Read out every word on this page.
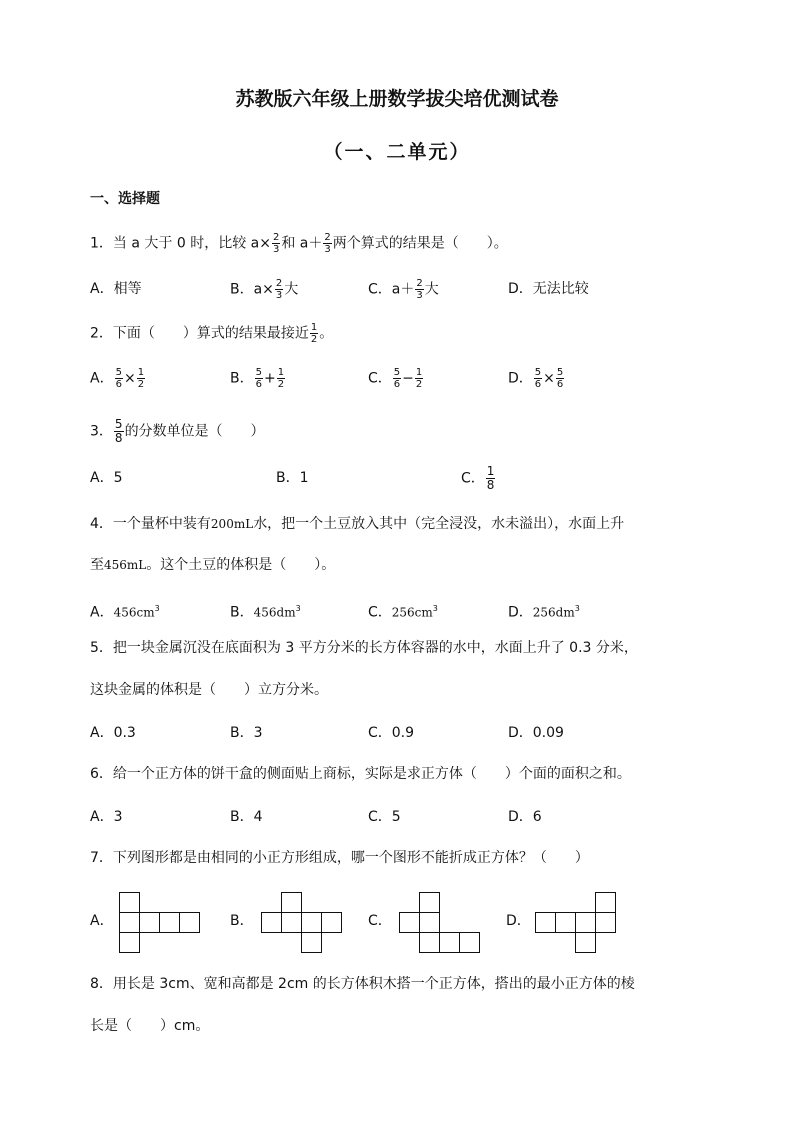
苏教版六年级上册数学拔尖培优测试卷
（一、二单元）
一、选择题
1．当 a 大于 0 时，比较 $a\times \frac{2}{3}$ 和 $a+ \frac{2}{3}$ 两个算式的结果是（　　）。
A．相等	B．$a\times \frac{2}{3}$ 大	C．$a+ \frac{2}{3}$ 大	D．无法比较
2．下面（　　）算式的结果最接近 $\frac{1}{2}$ 。
A． $\frac{5}{6} \times \frac{1}{2}$	B． $\frac{5}{6} + \frac{1}{2}$	C． $\frac{5}{6} - \frac{1}{2}$	D． $\frac{5}{6} \times \frac{5}{6}$
3． $\frac{5}{8}$ 的分数单位是（　　）
A．5	B．1	C． $\frac{1}{8}$
4．一个量杯中装有200mL水，把一个土豆放入其中（完全浸没，水未溢出），水面上升
至456mL。这个土豆的体积是（　　）。
A．$456cm^3$	B．$456dm^3$	C．$256cm^3$	D．$256dm^3$
5．把一块金属沉没在底面积为 3 平方分米的长方体容器的水中，水面上升了 0.3 分米，
这块金属的体积是（　　）立方分米。
A．0.3	B．3	C．0.9	D．0.09
6．给一个正方体的饼干盒的侧面贴上商标，实际是求正方体（　　）个面的面积之和。
A．3	B．4	C．5	D．6
7．下列图形都是由相同的小正方形组成，哪一个图形不能折成正方体？（　　）
A．	B．	C．	D．
8．用长是 3cm、宽和高都是 2cm 的长方体积木搭一个正方体，搭出的最小正方体的棱
长是（　　）cm。
